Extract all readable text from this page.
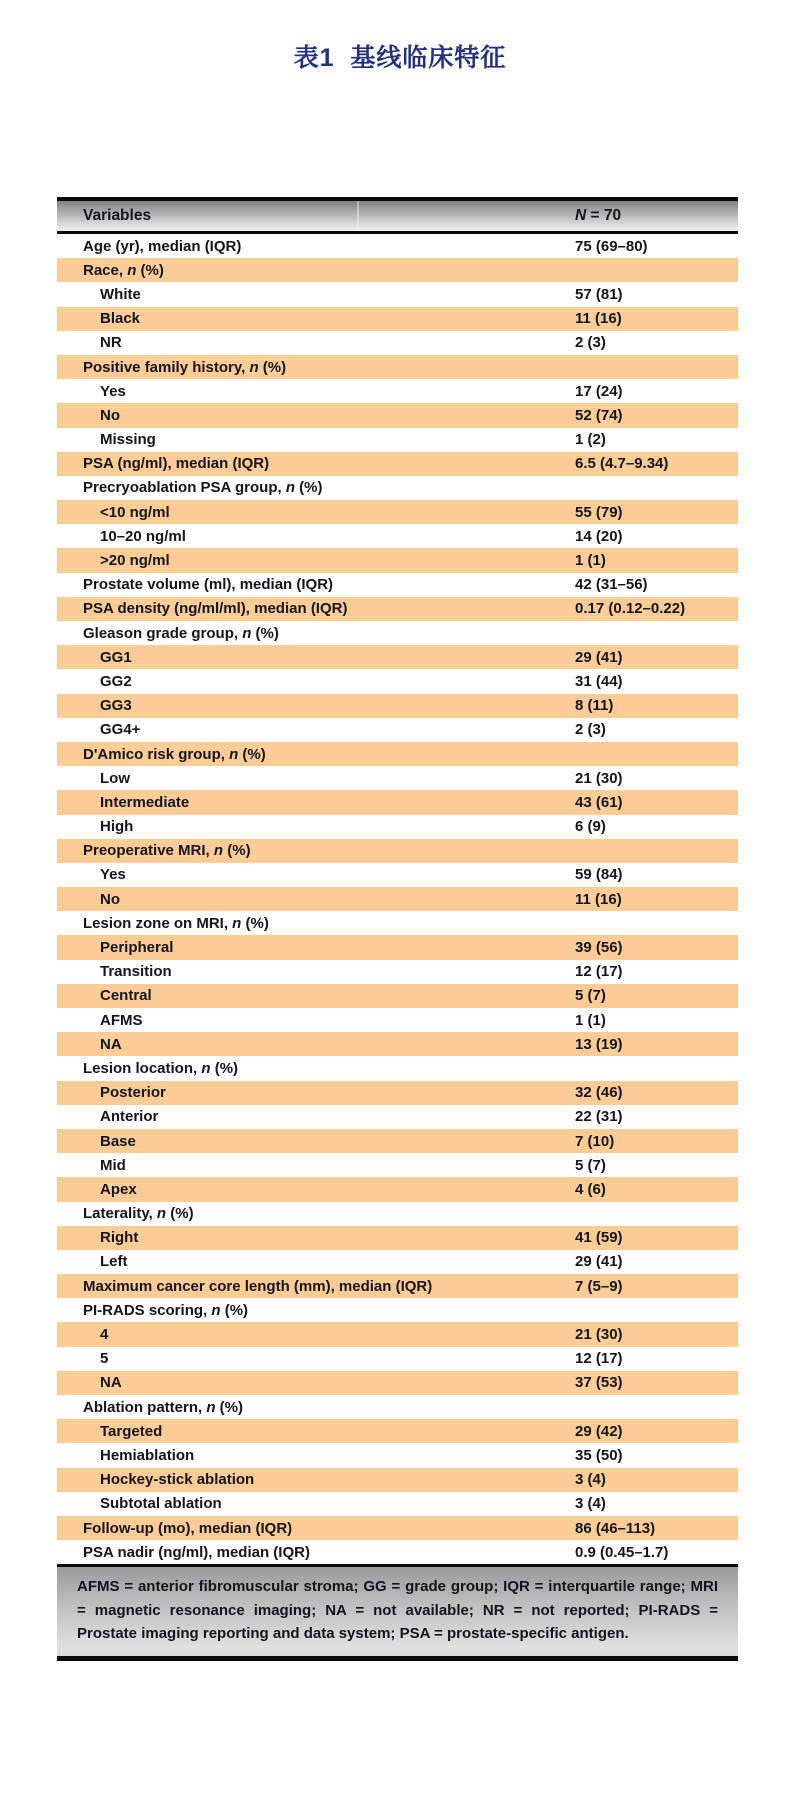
表1  基线临床特征
Variables	N = 70
Age (yr), median (IQR)	75 (69–80)
Race, n (%)
White	57 (81)
Black	11 (16)
NR	2 (3)
Positive family history, n (%)
Yes	17 (24)
No	52 (74)
Missing	1 (2)
PSA (ng/ml), median (IQR)	6.5 (4.7–9.34)
Precryoablation PSA group, n (%)
<10 ng/ml	55 (79)
10–20 ng/ml	14 (20)
>20 ng/ml	1 (1)
Prostate volume (ml), median (IQR)	42 (31–56)
PSA density (ng/ml/ml), median (IQR)	0.17 (0.12–0.22)
Gleason grade group, n (%)
GG1	29 (41)
GG2	31 (44)
GG3	8 (11)
GG4+	2 (3)
D'Amico risk group, n (%)
Low	21 (30)
Intermediate	43 (61)
High	6 (9)
Preoperative MRI, n (%)
Yes	59 (84)
No	11 (16)
Lesion zone on MRI, n (%)
Peripheral	39 (56)
Transition	12 (17)
Central	5 (7)
AFMS	1 (1)
NA	13 (19)
Lesion location, n (%)
Posterior	32 (46)
Anterior	22 (31)
Base	7 (10)
Mid	5 (7)
Apex	4 (6)
Laterality, n (%)
Right	41 (59)
Left	29 (41)
Maximum cancer core length (mm), median (IQR)	7 (5–9)
PI-RADS scoring, n (%)
4	21 (30)
5	12 (17)
NA	37 (53)
Ablation pattern, n (%)
Targeted	29 (42)
Hemiablation	35 (50)
Hockey-stick ablation	3 (4)
Subtotal ablation	3 (4)
Follow-up (mo), median (IQR)	86 (46–113)
PSA nadir (ng/ml), median (IQR)	0.9 (0.45–1.7)
AFMS = anterior fibromuscular stroma; GG = grade group; IQR = interquartile range; MRI = magnetic resonance imaging; NA = not available; NR = not reported; PI-RADS = Prostate imaging reporting and data system; PSA = prostate-specific antigen.
